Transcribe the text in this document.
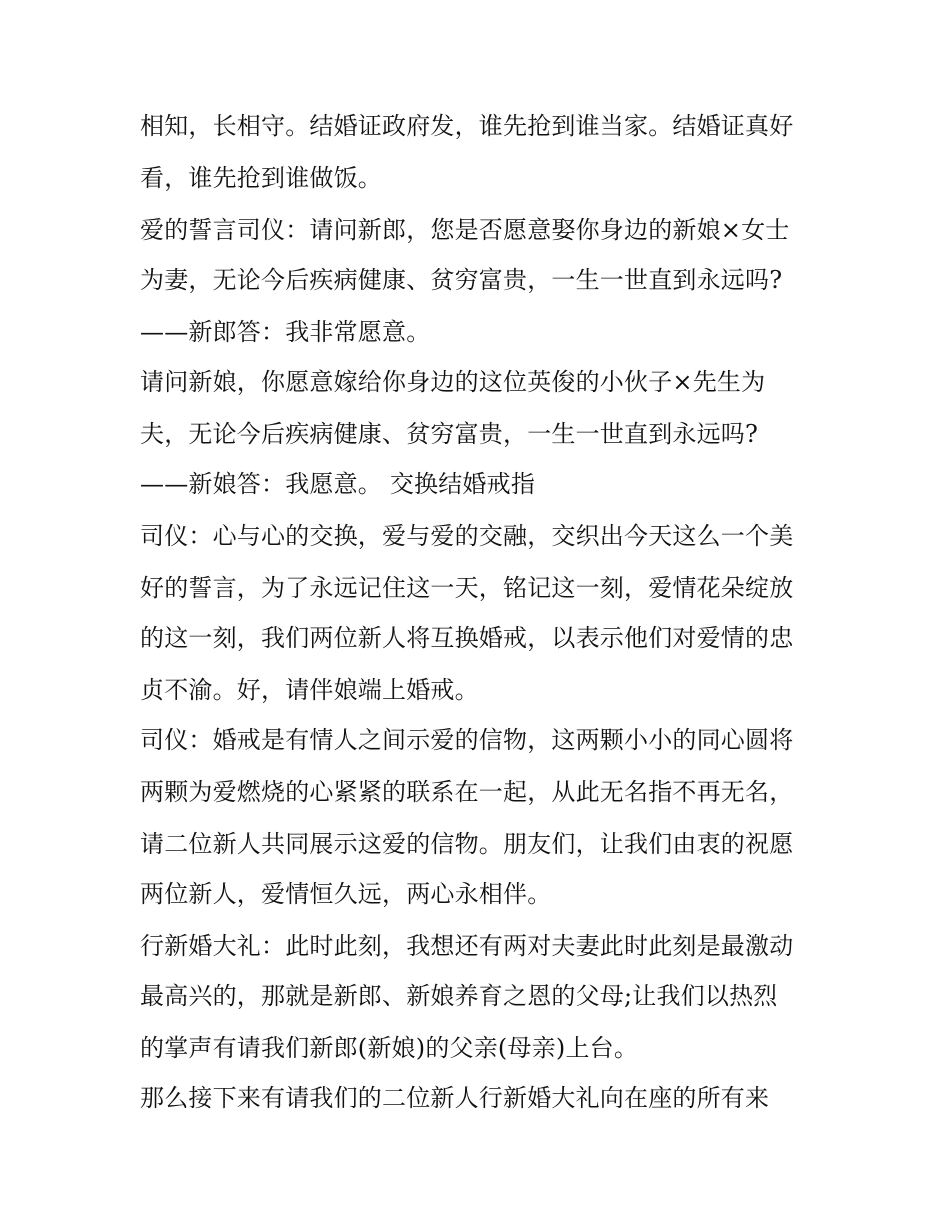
相知，长相守。结婚证政府发，谁先抢到谁当家。结婚证真好
看，谁先抢到谁做饭。
爱的誓言司仪：请问新郎，您是否愿意娶你身边的新娘×女士
为妻，无论今后疾病健康、贫穷富贵，一生一世直到永远吗?
——新郎答：我非常愿意。
请问新娘，你愿意嫁给你身边的这位英俊的小伙子×先生为
夫，无论今后疾病健康、贫穷富贵，一生一世直到永远吗?
——新娘答：我愿意。 交换结婚戒指
司仪：心与心的交换，爱与爱的交融，交织出今天这么一个美
好的誓言，为了永远记住这一天，铭记这一刻，爱情花朵绽放
的这一刻，我们两位新人将互换婚戒，以表示他们对爱情的忠
贞不渝。好，请伴娘端上婚戒。
司仪：婚戒是有情人之间示爱的信物，这两颗小小的同心圆将
两颗为爱燃烧的心紧紧的联系在一起，从此无名指不再无名，
请二位新人共同展示这爱的信物。朋友们，让我们由衷的祝愿
两位新人，爱情恒久远，两心永相伴。
行新婚大礼：此时此刻，我想还有两对夫妻此时此刻是最激动
最高兴的，那就是新郎、新娘养育之恩的父母;让我们以热烈
的掌声有请我们新郎(新娘)的父亲(母亲)上台。
那么接下来有请我们的二位新人行新婚大礼向在座的所有来
